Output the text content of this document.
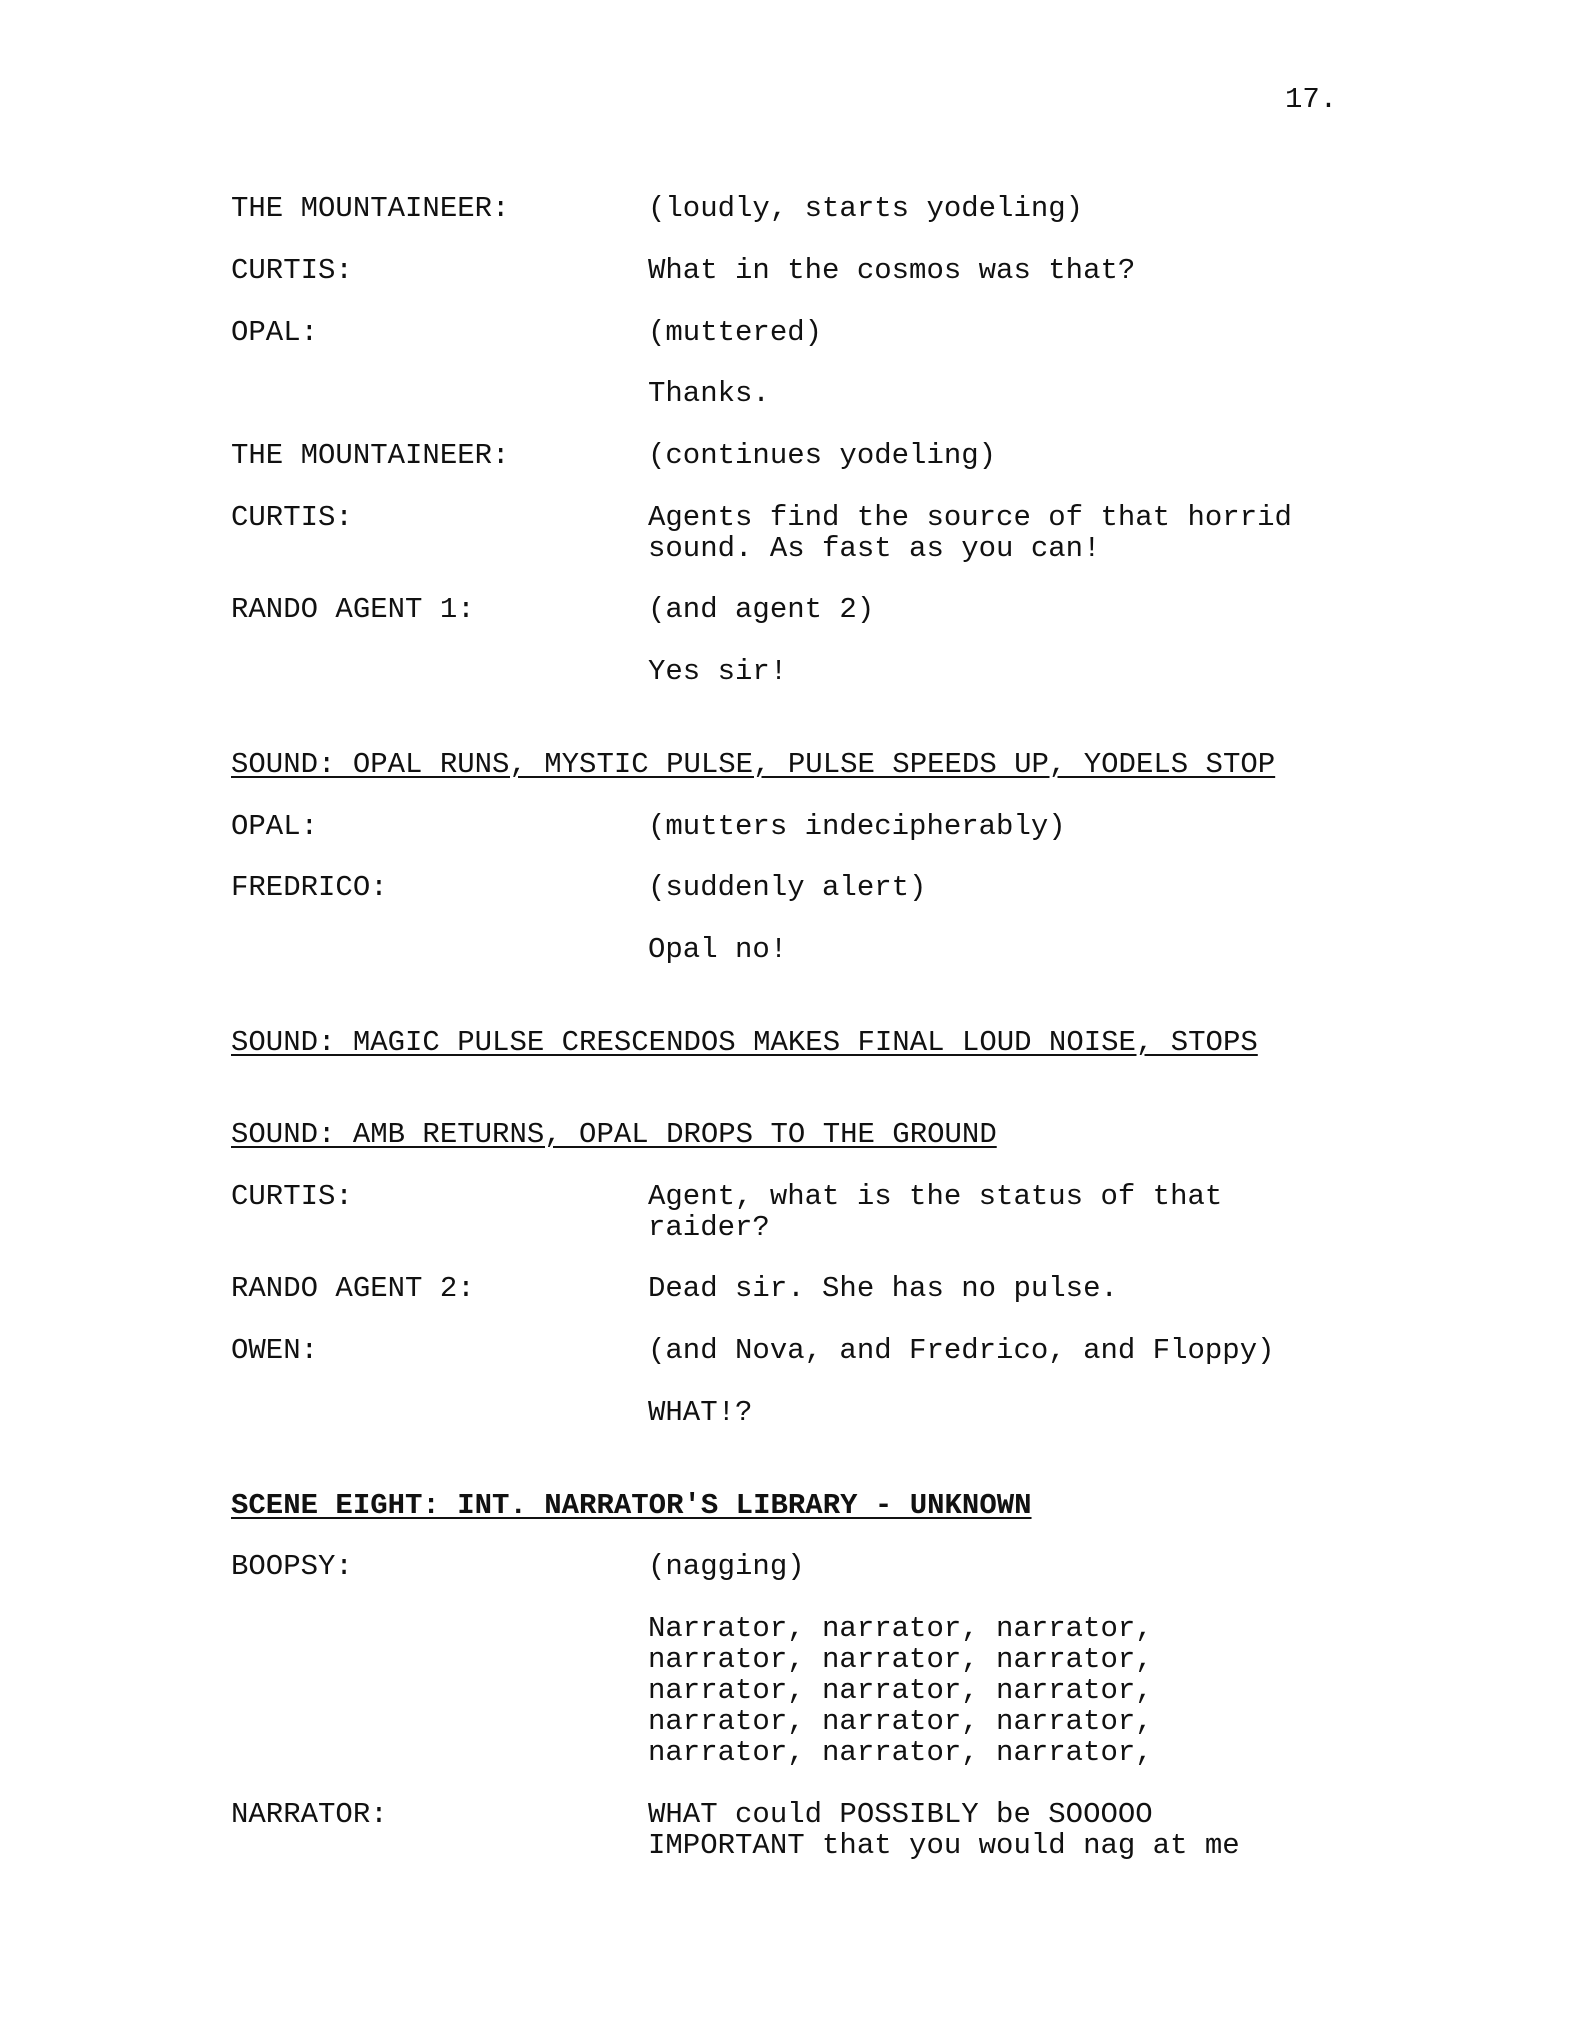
17.
THE MOUNTAINEER:	(loudly, starts yodeling)
CURTIS:	What in the cosmos was that?
OPAL:	(muttered)
Thanks.
THE MOUNTAINEER:	(continues yodeling)
CURTIS:	Agents find the source of that horrid
sound. As fast as you can!
RANDO AGENT 1:	(and agent 2)
Yes sir!
SOUND: OPAL RUNS, MYSTIC PULSE, PULSE SPEEDS UP, YODELS STOP
OPAL:	(mutters indecipherably)
FREDRICO:	(suddenly alert)
Opal no!
SOUND: MAGIC PULSE CRESCENDOS MAKES FINAL LOUD NOISE, STOPS
SOUND: AMB RETURNS, OPAL DROPS TO THE GROUND
CURTIS:	Agent, what is the status of that
raider?
RANDO AGENT 2:	Dead sir. She has no pulse.
OWEN:	(and Nova, and Fredrico, and Floppy)
WHAT!?
SCENE EIGHT: INT. NARRATOR'S LIBRARY - UNKNOWN
BOOPSY:	(nagging)
Narrator, narrator, narrator,
narrator, narrator, narrator,
narrator, narrator, narrator,
narrator, narrator, narrator,
narrator, narrator, narrator,
NARRATOR:	WHAT could POSSIBLY be SOOOOO
IMPORTANT that you would nag at me
